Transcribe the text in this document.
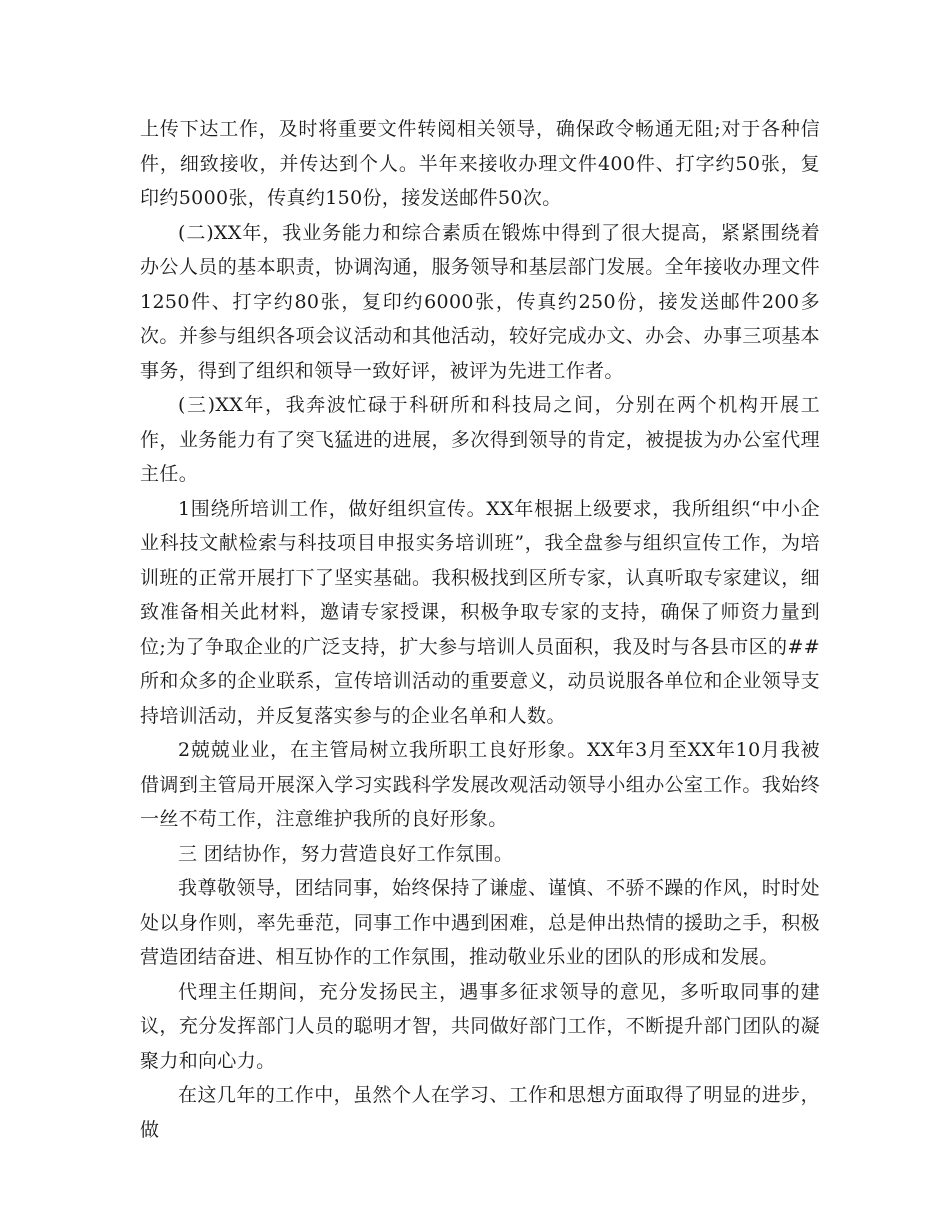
上传下达工作，及时将重要文件转阅相关领导，确保政令畅通无阻;对于各种信件，细致接收，并传达到个人。半年来接收办理文件400件、打字约50张，复印约5000张，传真约150份，接发送邮件50次。

(二)XX年，我业务能力和综合素质在锻炼中得到了很大提高，紧紧围绕着办公人员的基本职责，协调沟通，服务领导和基层部门发展。全年接收办理文件1250件、打字约80张，复印约6000张，传真约250份，接发送邮件200多次。并参与组织各项会议活动和其他活动，较好完成办文、办会、办事三项基本事务，得到了组织和领导一致好评，被评为先进工作者。

(三)XX年，我奔波忙碌于科研所和科技局之间，分别在两个机构开展工作，业务能力有了突飞猛进的进展，多次得到领导的肯定，被提拔为办公室代理主任。

1围绕所培训工作，做好组织宣传。XX年根据上级要求，我所组织“中小企业科技文献检索与科技项目申报实务培训班”，我全盘参与组织宣传工作，为培训班的正常开展打下了坚实基础。我积极找到区所专家，认真听取专家建议，细致准备相关此材料，邀请专家授课，积极争取专家的支持，确保了师资力量到位;为了争取企业的广泛支持，扩大参与培训人员面积，我及时与各县市区的##所和众多的企业联系，宣传培训活动的重要意义，动员说服各单位和企业领导支持培训活动，并反复落实参与的企业名单和人数。

2兢兢业业，在主管局树立我所职工良好形象。XX年3月至XX年10月我被借调到主管局开展深入学习实践科学发展改观活动领导小组办公室工作。我始终一丝不苟工作，注意维护我所的良好形象。

三 团结协作，努力营造良好工作氛围。

我尊敬领导，团结同事，始终保持了谦虚、谨慎、不骄不躁的作风，时时处处以身作则，率先垂范，同事工作中遇到困难，总是伸出热情的援助之手，积极营造团结奋进、相互协作的工作氛围，推动敬业乐业的团队的形成和发展。

代理主任期间，充分发扬民主，遇事多征求领导的意见，多听取同事的建议，充分发挥部门人员的聪明才智，共同做好部门工作，不断提升部门团队的凝聚力和向心力。

在这几年的工作中，虽然个人在学习、工作和思想方面取得了明显的进步，做
